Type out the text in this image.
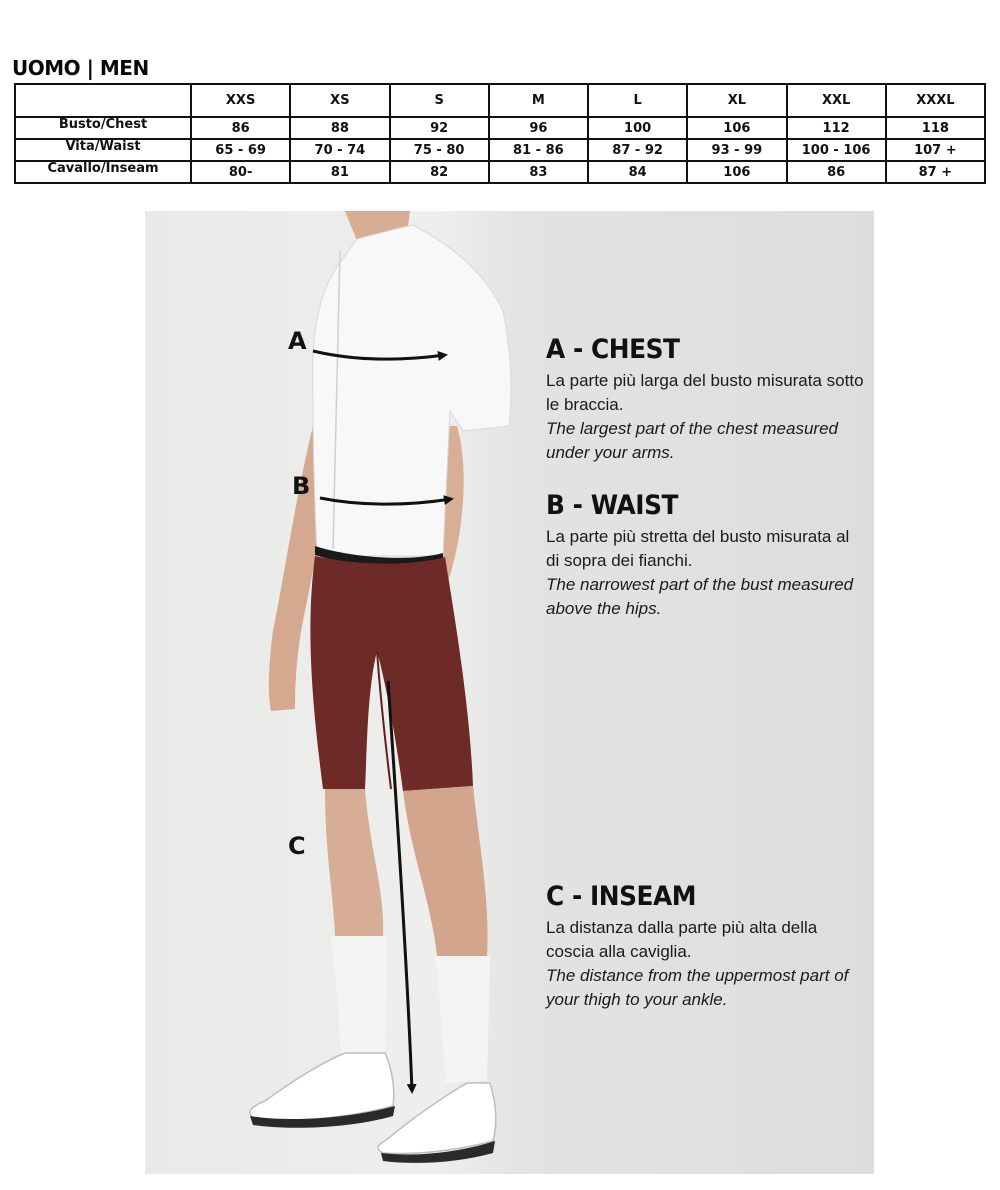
UOMO | MEN
	XXS	XS	S	M	L	XL	XXL	XXXL
Busto/Chest	86	88	92	96	100	106	112	118
Vita/Waist	65 - 69	70 - 74	75 - 80	81 - 86	87 - 92	93 - 99	100 - 106	107 +
Cavallo/Inseam	80-	81	82	83	84	106	86	87 +
A
B
C
A - CHEST

La parte più larga del busto misurata sotto le braccia.

The largest part of the chest measured under your arms.

B - WAIST

La parte più stretta del busto misurata al di sopra dei fianchi.

The narrowest part of the bust measured above the hips.

C - INSEAM

La distanza dalla parte più alta della coscia alla caviglia.

The distance from the uppermost part of your thigh to your ankle.
